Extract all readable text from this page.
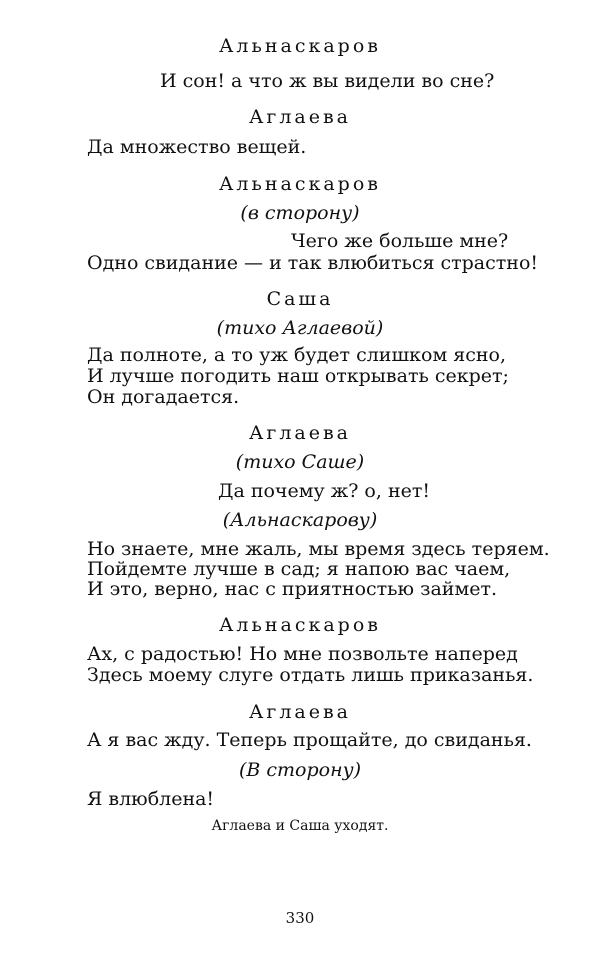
Альнаскаров
И сон! а что ж вы видели во сне?
Аглаева
Да множество вещей.
Альнаскаров
(в сторону)
Чего же больше мне?
Одно свидание — и так влюбиться страстно!
Саша
(тихо Аглаевой)
Да полноте, а то уж будет слишком ясно,
И лучше погодить наш открывать секрет;
Он догадается.
Аглаева
(тихо Саше)
Да почему ж? о, нет!
(Альнаскарову)
Но знаете, мне жаль, мы время здесь теряем.
Пойдемте лучше в сад; я напою вас чаем,
И это, верно, нас с приятностью займет.
Альнаскаров
Ах, с радостью! Но мне позвольте наперед
Здесь моему слуге отдать лишь приказанья.
Аглаева
А я вас жду. Теперь прощайте, до свиданья.
(В сторону)
Я влюблена!
Аглаева и Саша уходят.
330
